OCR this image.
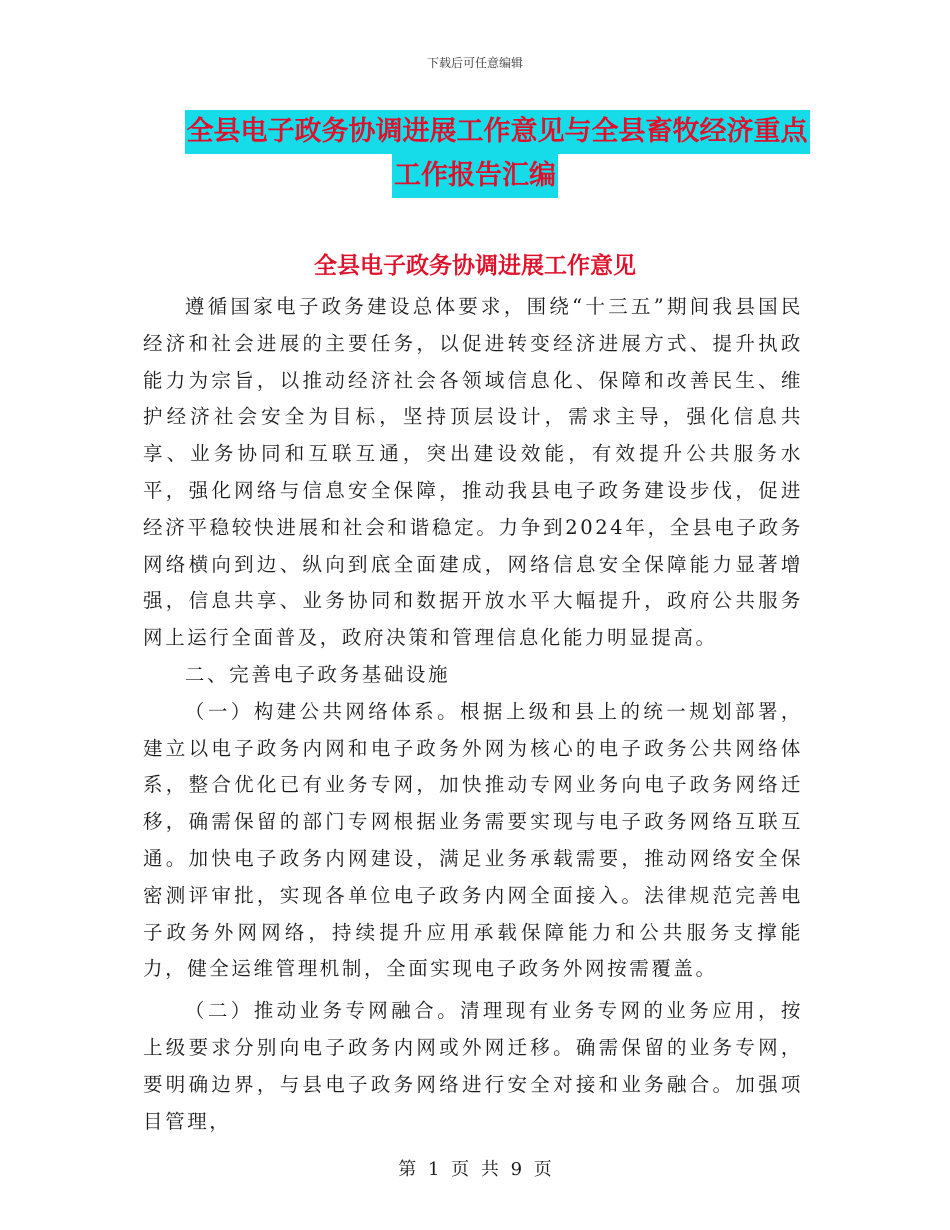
下载后可任意编辑
全县电子政务协调进展工作意见与全县畜牧经济重点
工作报告汇编
全县电子政务协调进展工作意见

遵循国家电子政务建设总体要求，围绕“十三五”期间我县国民经济和社会进展的主要任务，以促进转变经济进展方式、提升执政能力为宗旨，以推动经济社会各领域信息化、保障和改善民生、维护经济社会安全为目标，坚持顶层设计，需求主导，强化信息共享、业务协同和互联互通，突出建设效能，有效提升公共服务水平，强化网络与信息安全保障，推动我县电子政务建设步伐，促进经济平稳较快进展和社会和谐稳定。力争到2024年，全县电子政务网络横向到边、纵向到底全面建成，网络信息安全保障能力显著增强，信息共享、业务协同和数据开放水平大幅提升，政府公共服务网上运行全面普及，政府决策和管理信息化能力明显提高。

二、完善电子政务基础设施

（一）构建公共网络体系。根据上级和县上的统一规划部署，建立以电子政务内网和电子政务外网为核心的电子政务公共网络体系，整合优化已有业务专网，加快推动专网业务向电子政务网络迁移，确需保留的部门专网根据业务需要实现与电子政务网络互联互通。加快电子政务内网建设，满足业务承载需要，推动网络安全保密测评审批，实现各单位电子政务内网全面接入。法律规范完善电子政务外网网络，持续提升应用承载保障能力和公共服务支撑能力，健全运维管理机制，全面实现电子政务外网按需覆盖。

（二）推动业务专网融合。清理现有业务专网的业务应用，按上级要求分别向电子政务内网或外网迁移。确需保留的业务专网，要明确边界，与县电子政务网络进行安全对接和业务融合。加强项目管理，

第 1 页 共 9 页
